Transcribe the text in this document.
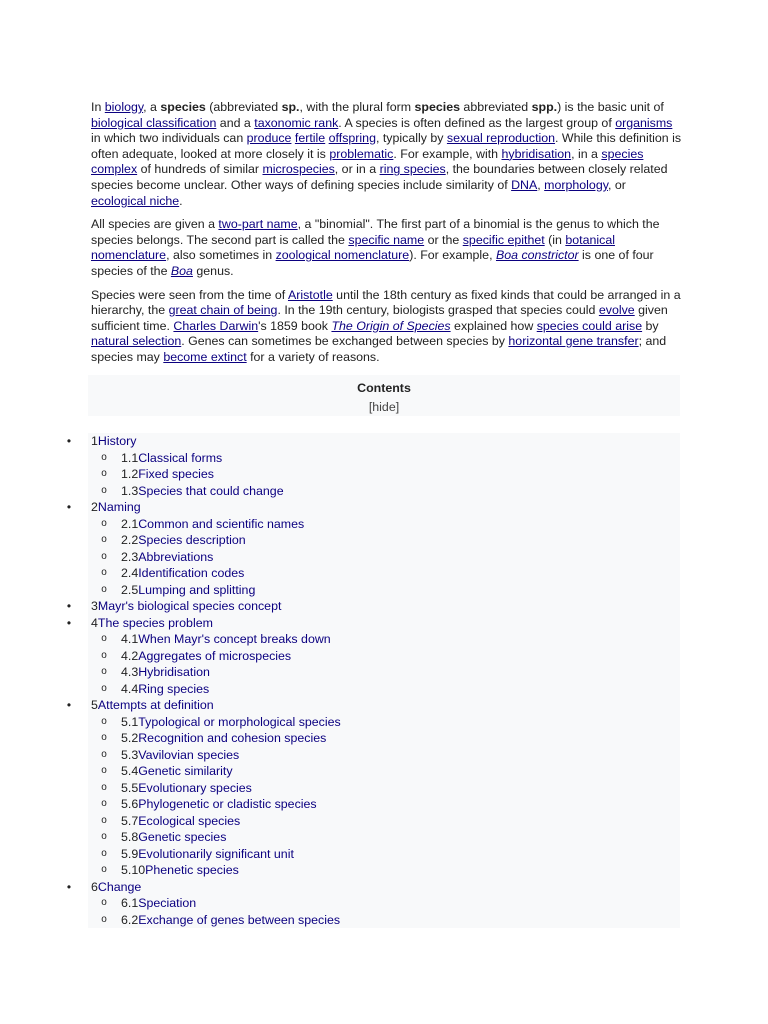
In biology, a species (abbreviated sp., with the plural form species abbreviated spp.) is the basic unit of biological classification and a taxonomic rank. A species is often defined as the largest group of organisms in which two individuals can produce fertile offspring, typically by sexual reproduction. While this definition is often adequate, looked at more closely it is problematic. For example, with hybridisation, in a species complex of hundreds of similar microspecies, or in a ring species, the boundaries between closely related species become unclear. Other ways of defining species include similarity of DNA, morphology, or ecological niche.

All species are given a two-part name, a "binomial". The first part of a binomial is the genus to which the species belongs. The second part is called the specific name or the specific epithet (in botanical nomenclature, also sometimes in zoological nomenclature). For example, Boa constrictor is one of four species of the Boa genus.

Species were seen from the time of Aristotle until the 18th century as fixed kinds that could be arranged in a hierarchy, the great chain of being. In the 19th century, biologists grasped that species could evolve given sufficient time. Charles Darwin's 1859 book The Origin of Species explained how species could arise by natural selection. Genes can sometimes be exchanged between species by horizontal gene transfer; and species may become extinct for a variety of reasons.

Contents
[hide]
• 1History
o 1.1Classical forms
o 1.2Fixed species
o 1.3Species that could change
• 2Naming
o 2.1Common and scientific names
o 2.2Species description
o 2.3Abbreviations
o 2.4Identification codes
o 2.5Lumping and splitting
• 3Mayr's biological species concept
• 4The species problem
o 4.1When Mayr's concept breaks down
o 4.2Aggregates of microspecies
o 4.3Hybridisation
o 4.4Ring species
• 5Attempts at definition
o 5.1Typological or morphological species
o 5.2Recognition and cohesion species
o 5.3Vavilovian species
o 5.4Genetic similarity
o 5.5Evolutionary species
o 5.6Phylogenetic or cladistic species
o 5.7Ecological species
o 5.8Genetic species
o 5.9Evolutionarily significant unit
o 5.10Phenetic species
• 6Change
o 6.1Speciation
o 6.2Exchange of genes between species
